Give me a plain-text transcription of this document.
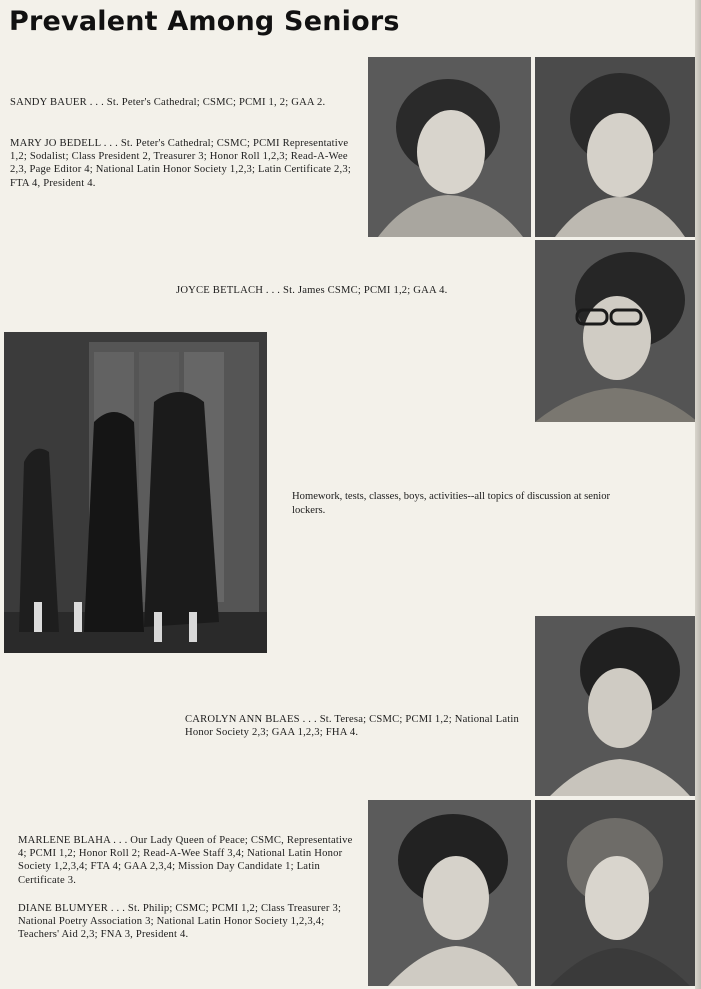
Prevalent Among Seniors

SANDY BAUER . . . St. Peter's Cathedral; CSMC; PCMI 1, 2; GAA 2.

MARY JO BEDELL . . . St. Peter's Cathedral; CSMC; PCMI Representative 1,2; Sodalist; Class President 2, Treasurer 3; Honor Roll 1,2,3; Read-A-Wee 2,3, Page Editor 4; National Latin Honor Society 1,2,3; Latin Certificate 2,3; FTA 4, President 4.

JOYCE BETLACH . . . St. James CSMC; PCMI 1,2; GAA 4.

CAROLYN ANN BLAES . . . St. Teresa; CSMC; PCMI 1,2; National Latin Honor Society 2,3; GAA 1,2,3; FHA 4.

MARLENE BLAHA . . . Our Lady Queen of Peace; CSMC, Representative 4; PCMI 1,2; Honor Roll 2; Read-A-Wee Staff 3,4; National Latin Honor Society 1,2,3,4; FTA 4; GAA 2,3,4; Mission Day Candidate 1; Latin Certificate 3.

DIANE BLUMYER . . . St. Philip; CSMC; PCMI 1,2; Class Treasurer 3; National Poetry Association 3; National Latin Honor Society 1,2,3,4; Teachers' Aid 2,3; FNA 3, President 4.

Homework, tests, classes, boys, activities--all topics of discussion at senior lockers.
